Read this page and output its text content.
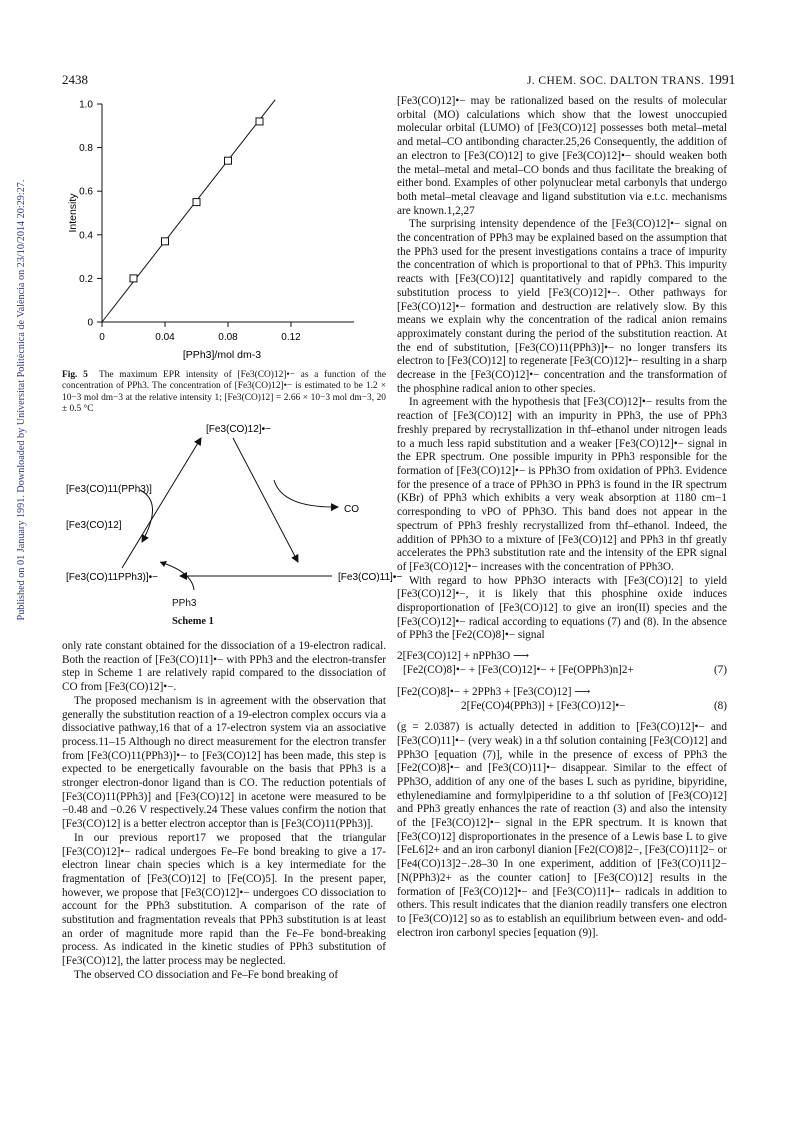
Published on 01 January 1991. Downloaded by Universitat Politècnica de València on 23/10/2014 20:29:27.
2438	J. CHEM. SOC. DALTON TRANS. 1991
0
0.2
0.4
0.6
0.8
1.0
0	0.04	0.08	0.12
[PPh3]/mol dm-3
Intensity
Fig. 5 The maximum EPR intensity of [Fe3(CO)12]•− as a function of the concentration of PPh3. The concentration of [Fe3(CO)12]•− is estimated to be 1.2 × 10−3 mol dm−3 at the relative intensity 1; [Fe3(CO)12] = 2.66 × 10−3 mol dm−3, 20 ± 0.5 °C
[Fe3(CO)12]•−
[Fe3(CO)11(PPh3)]
[Fe3(CO)12]
[Fe3(CO)11PPh3)]•−	[Fe3(CO)11]•−
CO
PPh3
Scheme 1

only rate constant obtained for the dissociation of a 19-electron radical. Both the reaction of [Fe3(CO)11]•− with PPh3 and the electron-transfer step in Scheme 1 are relatively rapid compared to the dissociation of CO from [Fe3(CO)12]•−.

The proposed mechanism is in agreement with the observation that generally the substitution reaction of a 19-electron complex occurs via a dissociative pathway,16 that of a 17-electron system via an associative process.11–15 Although no direct measurement for the electron transfer from [Fe3(CO)11(PPh3)]•− to [Fe3(CO)12] has been made, this step is expected to be energetically favourable on the basis that PPh3 is a stronger electron-donor ligand than is CO. The reduction potentials of [Fe3(CO)11(PPh3)] and [Fe3(CO)12] in acetone were measured to be −0.48 and −0.26 V respectively.24 These values confirm the notion that [Fe3(CO)12] is a better electron acceptor than is [Fe3(CO)11(PPh3)].

In our previous report17 we proposed that the triangular [Fe3(CO)12]•− radical undergoes Fe–Fe bond breaking to give a 17-electron linear chain species which is a key intermediate for the fragmentation of [Fe3(CO)12] to [Fe(CO)5]. In the present paper, however, we propose that [Fe3(CO)12]•− undergoes CO dissociation to account for the PPh3 substitution. A comparison of the rate of substitution and fragmentation reveals that PPh3 substitution is at least an order of magnitude more rapid than the Fe–Fe bond-breaking process. As indicated in the kinetic studies of PPh3 substitution of [Fe3(CO)12], the latter process may be neglected.

The observed CO dissociation and Fe–Fe bond breaking of

[Fe3(CO)12]•− may be rationalized based on the results of molecular orbital (MO) calculations which show that the lowest unoccupied molecular orbital (LUMO) of [Fe3(CO)12] possesses both metal–metal and metal–CO antibonding character.25,26 Consequently, the addition of an electron to [Fe3(CO)12] to give [Fe3(CO)12]•− should weaken both the metal–metal and metal–CO bonds and thus facilitate the breaking of either bond. Examples of other polynuclear metal carbonyls that undergo both metal–metal cleavage and ligand substitution via e.t.c. mechanisms are known.1,2,27

The surprising intensity dependence of the [Fe3(CO)12]•− signal on the concentration of PPh3 may be explained based on the assumption that the PPh3 used for the present investigations contains a trace of impurity the concentration of which is proportional to that of PPh3. This impurity reacts with [Fe3(CO)12] quantitatively and rapidly compared to the substitution process to yield [Fe3(CO)12]•−. Other pathways for [Fe3(CO)12]•− formation and destruction are relatively slow. By this means we explain why the concentration of the radical anion remains approximately constant during the period of the substitution reaction. At the end of substitution, [Fe3(CO)11(PPh3)]•− no longer transfers its electron to [Fe3(CO)12] to regenerate [Fe3(CO)12]•− resulting in a sharp decrease in the [Fe3(CO)12]•− concentration and the transformation of the phosphine radical anion to other species.

In agreement with the hypothesis that [Fe3(CO)12]•− results from the reaction of [Fe3(CO)12] with an impurity in PPh3, the use of PPh3 freshly prepared by recrystallization in thf–ethanol under nitrogen leads to a much less rapid substitution and a weaker [Fe3(CO)12]•− signal in the EPR spectrum. One possible impurity in PPh3 responsible for the formation of [Fe3(CO)12]•− is PPh3O from oxidation of PPh3. Evidence for the presence of a trace of PPh3O in PPh3 is found in the IR spectrum (KBr) of PPh3 which exhibits a very weak absorption at 1180 cm−1 corresponding to νPO of PPh3O. This band does not appear in the spectrum of PPh3 freshly recrystallized from thf–ethanol. Indeed, the addition of PPh3O to a mixture of [Fe3(CO)12] and PPh3 in thf greatly accelerates the PPh3 substitution rate and the intensity of the EPR signal of [Fe3(CO)12]•− increases with the concentration of PPh3O.

With regard to how PPh3O interacts with [Fe3(CO)12] to yield [Fe3(CO)12]•−, it is likely that this phosphine oxide induces disproportionation of [Fe3(CO)12] to give an iron(II) species and the [Fe3(CO)12]•− radical according to equations (7) and (8). In the absence of PPh3 the [Fe2(CO)8]•− signal

2[Fe3(CO)12] + nPPh3O ⟶
[Fe2(CO)8]•− + [Fe3(CO)12]•− + [Fe(OPPh3)n]2+	(7)
[Fe2(CO)8]•− + 2PPh3 + [Fe3(CO)12] ⟶
2[Fe(CO)4(PPh3)] + [Fe3(CO)12]•−	(8)

(g = 2.0387) is actually detected in addition to [Fe3(CO)12]•− and [Fe3(CO)11]•− (very weak) in a thf solution containing [Fe3(CO)12] and PPh3O [equation (7)], while in the presence of excess of PPh3 the [Fe2(CO)8]•− and [Fe3(CO)11]•− disappear. Similar to the effect of PPh3O, addition of any one of the bases L such as pyridine, bipyridine, ethylenediamine and formylpiperidine to a thf solution of [Fe3(CO)12] and PPh3 greatly enhances the rate of reaction (3) and also the intensity of the [Fe3(CO)12]•− signal in the EPR spectrum. It is known that [Fe3(CO)12] disproportionates in the presence of a Lewis base L to give [FeL6]2+ and an iron carbonyl dianion [Fe2(CO)8]2−, [Fe3(CO)11]2− or [Fe4(CO)13]2−.28–30 In one experiment, addition of [Fe3(CO)11]2− [N(PPh3)2+ as the counter cation] to [Fe3(CO)12] results in the formation of [Fe3(CO)12]•− and [Fe3(CO)11]•− radicals in addition to others. This result indicates that the dianion readily transfers one electron to [Fe3(CO)12] so as to establish an equilibrium between even- and odd-electron iron carbonyl species [equation (9)].
